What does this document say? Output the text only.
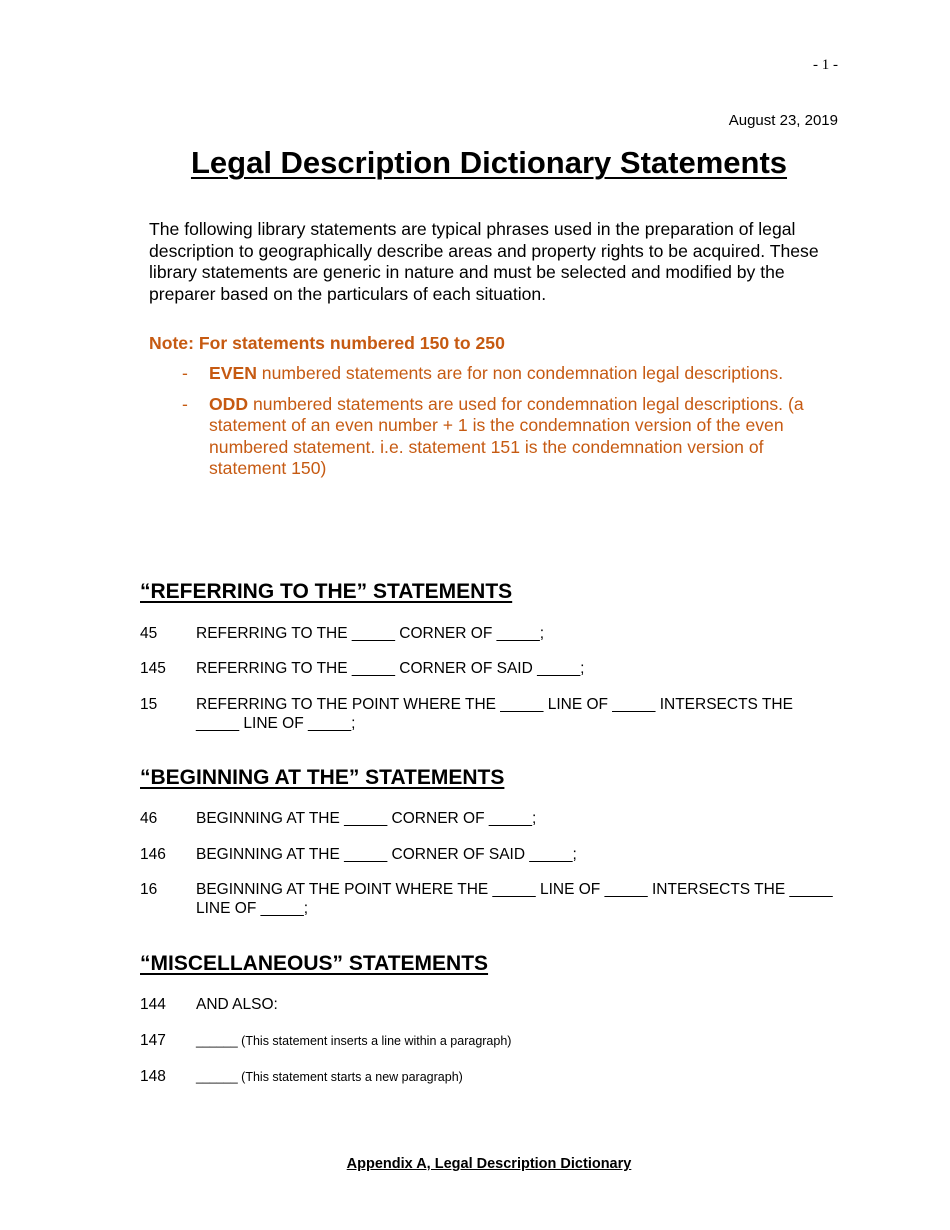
- 1 -
August 23, 2019
Legal Description Dictionary Statements

The following library statements are typical phrases used in the preparation of legal description to geographically describe areas and property rights to be acquired. These library statements are generic in nature and must be selected and modified by the preparer based on the particulars of each situation.

Note: For statements numbered 150 to 250
- EVEN numbered statements are for non condemnation legal descriptions.
- ODD numbered statements are used for condemnation legal descriptions. (a statement of an even number + 1 is the condemnation version of the even numbered statement. i.e. statement 151 is the condemnation version of statement 150)
“REFERRING TO THE” STATEMENTS
45	REFERRING TO THE _____ CORNER OF _____;
145 REFERRING TO THE _____ CORNER OF SAID _____;
15	REFERRING TO THE POINT WHERE THE _____ LINE OF _____ INTERSECTS THE _____ LINE OF _____;
“BEGINNING AT THE” STATEMENTS
46	BEGINNING AT THE _____ CORNER OF _____;
146 BEGINNING AT THE _____ CORNER OF SAID _____;
16	BEGINNING AT THE POINT WHERE THE _____ LINE OF _____ INTERSECTS THE _____ LINE OF _____;
“MISCELLANEOUS” STATEMENTS
144 AND ALSO:
147 ______ (This statement inserts a line within a paragraph)
148 ______ (This statement starts a new paragraph)
Appendix A, Legal Description Dictionary
